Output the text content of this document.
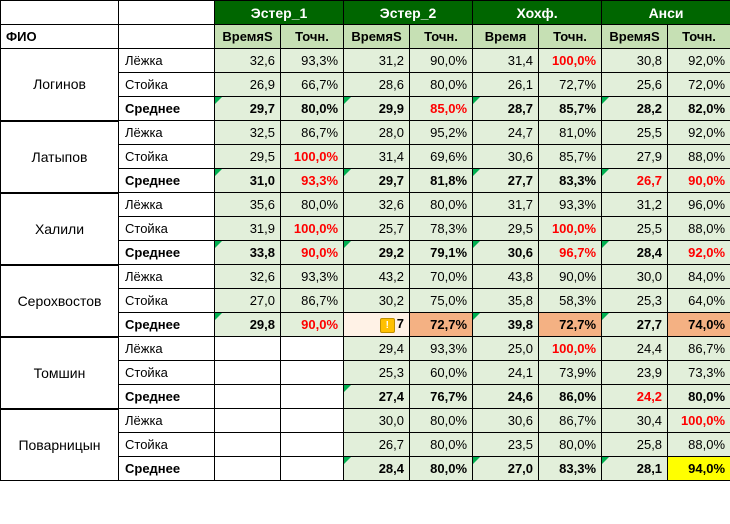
		Эстер_1		Эстер_2		Хохф.		Анси	
ФИО		ВремяS	Точн.	ВремяS	Точн.	Время	Точн.	ВремяS	Точн.
Логинов	Лёжка	32,6	93,3%	31,2	90,0%	31,4	100,0%	30,8	92,0%
	Стойка	26,9	66,7%	28,6	80,0%	26,1	72,7%	25,6	72,0%
	Среднее	29,7	80,0%	29,9	85,0%	28,7	85,7%	28,2	82,0%
Латыпов	Лёжка	32,5	86,7%	28,0	95,2%	24,7	81,0%	25,5	92,0%
	Стойка	29,5	100,0%	31,4	69,6%	30,6	85,7%	27,9	88,0%
	Среднее	31,0	93,3%	29,7	81,8%	27,7	83,3%	26,7	90,0%
Халили	Лёжка	35,6	80,0%	32,6	80,0%	31,7	93,3%	31,2	96,0%
	Стойка	31,9	100,0%	25,7	78,3%	29,5	100,0%	25,5	88,0%
	Среднее	33,8	90,0%	29,2	79,1%	30,6	96,7%	28,4	92,0%
Серохвостов	Лёжка	32,6	93,3%	43,2	70,0%	43,8	90,0%	30,0	84,0%
	Стойка	27,0	86,7%	30,2	75,0%	35,8	58,3%	25,3	64,0%
	Среднее	29,8	90,0%	! 7	72,7%	39,8	72,7%	27,7	74,0%
Томшин	Лёжка			29,4	93,3%	25,0	100,0%	24,4	86,7%
	Стойка			25,3	60,0%	24,1	73,9%	23,9	73,3%
	Среднее			27,4	76,7%	24,6	86,0%	24,2	80,0%
Поварницын	Лёжка			30,0	80,0%	30,6	86,7%	30,4	100,0%
	Стойка			26,7	80,0%	23,5	80,0%	25,8	88,0%
	Среднее			28,4	80,0%	27,0	83,3%	28,1	94,0%
